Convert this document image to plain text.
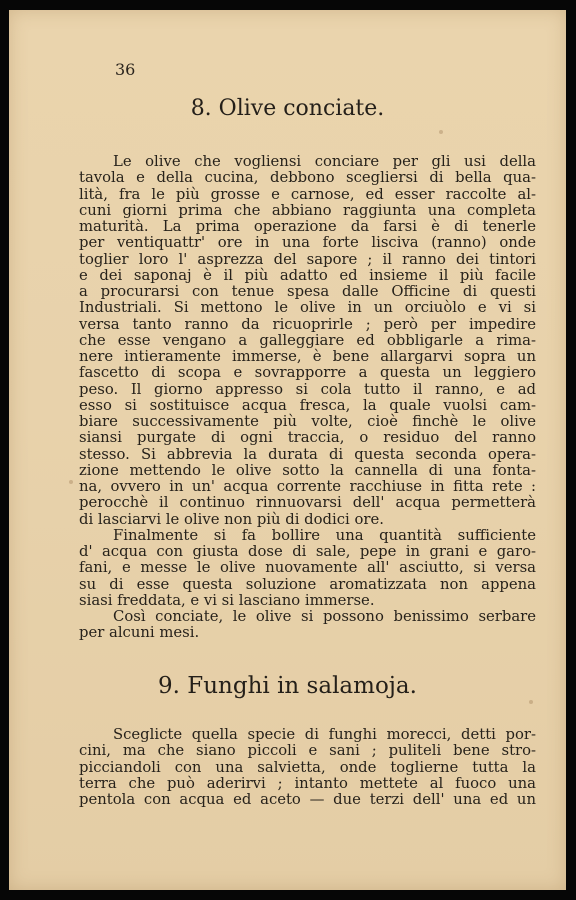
36

8. Olive conciate.
Le olive che vogliensi conciare per gli usi della
tavola e della cucina, debbono scegliersi di bella qua-
lità, fra le più grosse e carnose, ed esser raccolte al-
cuni giorni prima che abbiano raggiunta una completa
maturità. La prima operazione da farsi è di tenerle
per ventiquattr' ore in una forte lisciva (ranno) onde
toglier loro l' asprezza del sapore ; il ranno dei tintori
e dei saponaj è il più adatto ed insieme il più facile
a procurarsi con tenue spesa dalle Officine di questi
Industriali. Si mettono le olive in un orciuòlo e vi si
versa tanto ranno da ricuoprirle ; però per impedire
che esse vengano a galleggiare ed obbligarle a rima-
nere intieramente immerse, è bene allargarvi sopra un
fascetto di scopa e sovrapporre a questa un leggiero
peso. Il giorno appresso si cola tutto il ranno, e ad
esso si sostituisce acqua fresca, la quale vuolsi cam-
biare successivamente più volte, cioè finchè le olive
siansi purgate di ogni traccia, o residuo del ranno
stesso. Si abbrevia la durata di questa seconda opera-
zione mettendo le olive sotto la cannella di una fonta-
na, ovvero in un' acqua corrente racchiuse in fitta rete :
perocchè il continuo rinnuovarsi dell' acqua permetterà
di lasciarvi le olive non più di dodici ore.
Finalmente si fa bollire una quantità sufficiente
d' acqua con giusta dose di sale, pepe in grani e garo-
fani, e messe le olive nuovamente all' asciutto, si versa
su di esse questa soluzione aromatizzata non appena
siasi freddata, e vi si lasciano immerse.
Così conciate, le olive si possono benissimo serbare
per alcuni mesi.
9. Funghi in salamoja.
Sceglicte quella specie di funghi morecci, detti por-
cini, ma che siano piccoli e sani ; puliteli bene stro-
picciandoli con una salvietta, onde toglierne tutta la
terra che può aderirvi ; intanto mettete al fuoco una
pentola con acqua ed aceto — due terzi dell' una ed un
